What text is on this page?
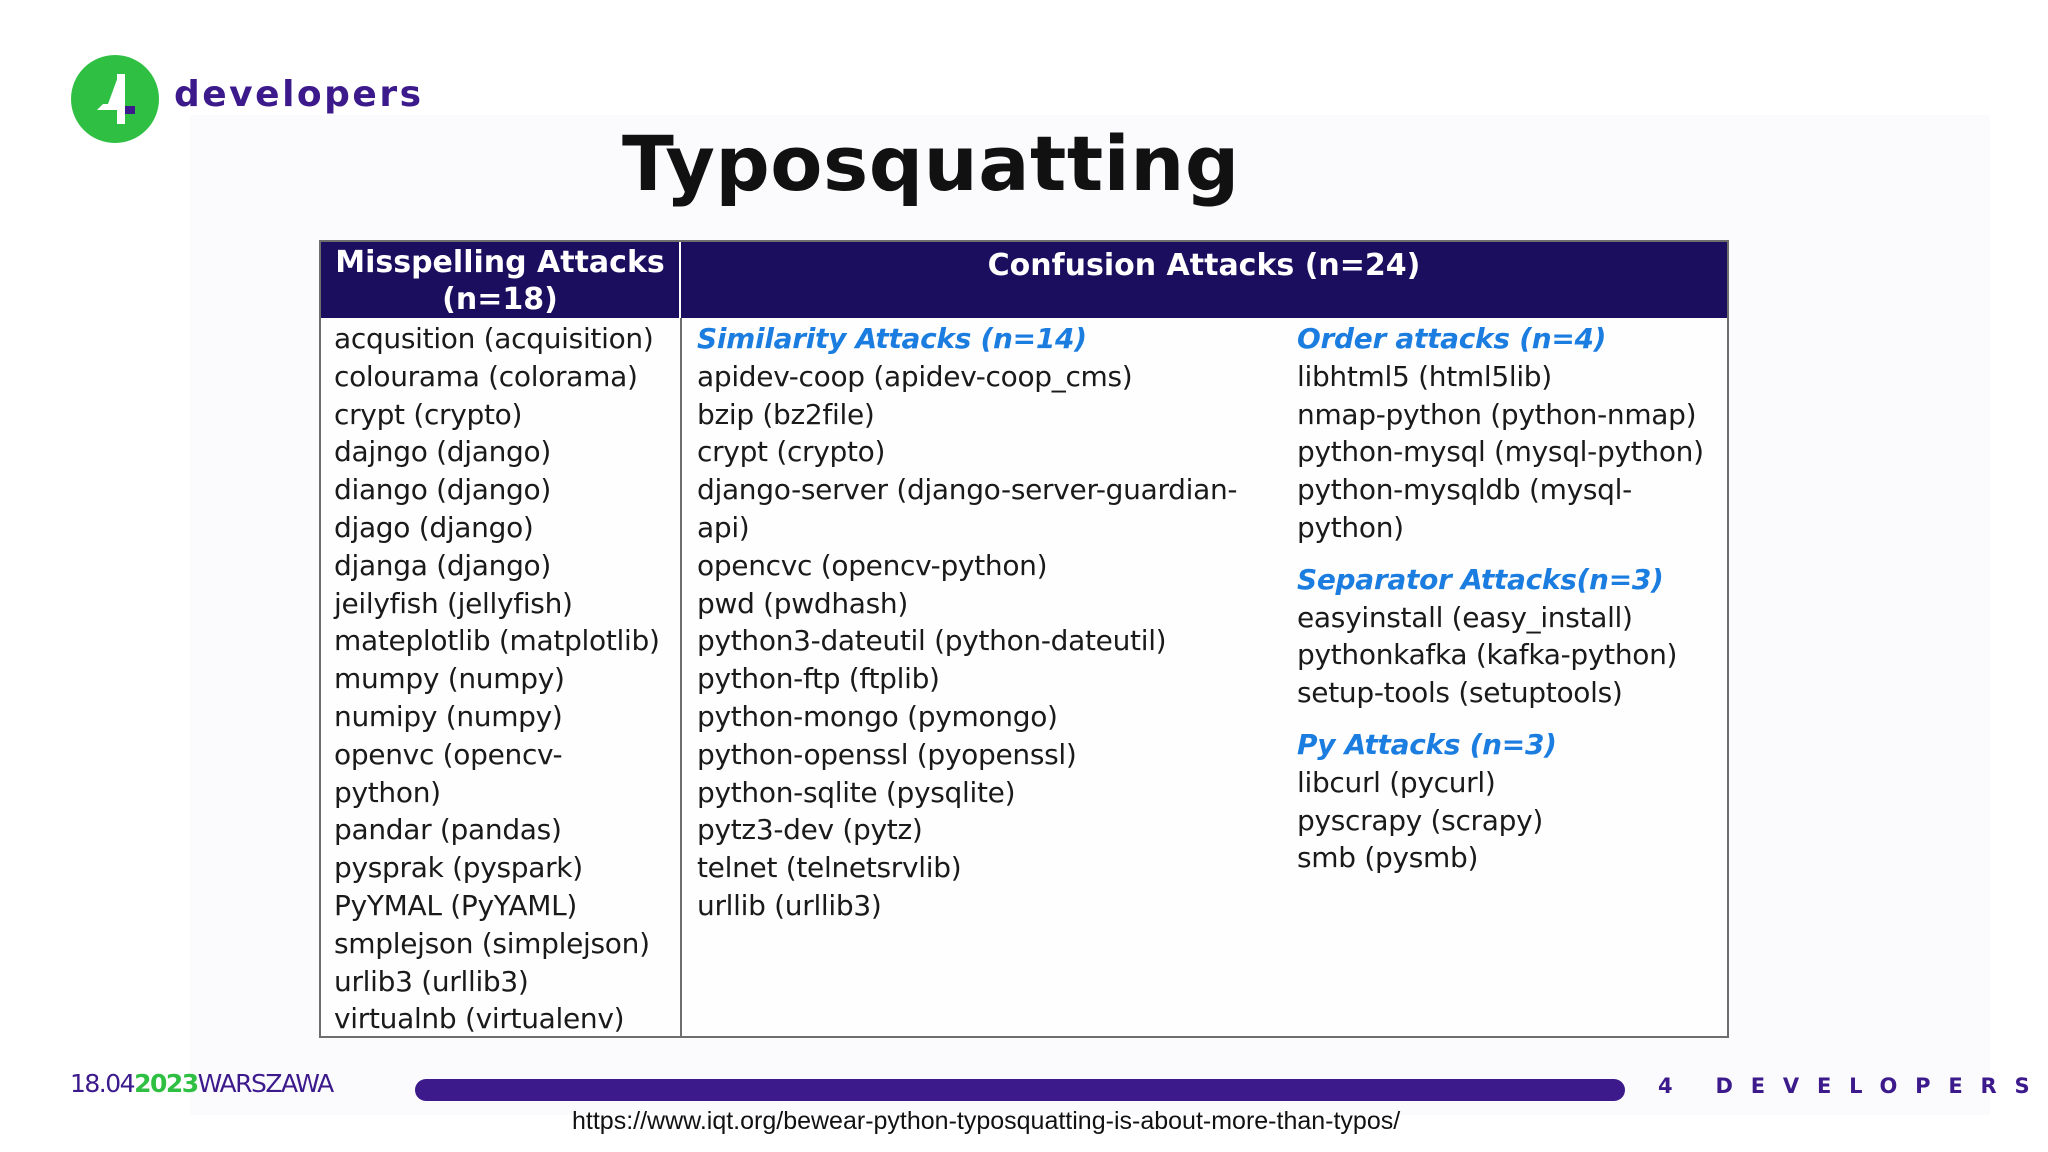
developers
Typosquatting
Misspelling Attacks
(n=18)
Confusion Attacks (n=24)
acqusition (acquisition)
colourama (colorama)
crypt (crypto)
dajngo (django)
diango (django)
djago (django)
djanga (django)
jeilyfish (jellyfish)
mateplotlib (matplotlib)
mumpy (numpy)
numipy (numpy)
openvc (opencv-
python)
pandar (pandas)
pysprak (pyspark)
PyYMAL (PyYAML)
smplejson (simplejson)
urlib3 (urllib3)
virtualnb (virtualenv)
Similarity Attacks (n=14)
apidev-coop (apidev-coop_cms)
bzip (bz2file)
crypt (crypto)
django-server (django-server-guardian-
api)
opencvc (opencv-python)
pwd (pwdhash)
python3-dateutil (python-dateutil)
python-ftp (ftplib)
python-mongo (pymongo)
python-openssl (pyopenssl)
python-sqlite (pysqlite)
pytz3-dev (pytz)
telnet (telnetsrvlib)
urllib (urllib3)
Order attacks (n=4)
libhtml5 (html5lib)
nmap-python (python-nmap)
python-mysql (mysql-python)
python-mysqldb (mysql-
python)
Separator Attacks(n=3)
easyinstall (easy_install)
pythonkafka (kafka-python)
setup-tools (setuptools)
Py Attacks (n=3)
libcurl (pycurl)
pyscrapy (scrapy)
smb (pysmb)
18.042023WARSZAWA	4 DEVELOPERS
https://www.iqt.org/bewear-python-typosquatting-is-about-more-than-typos/
